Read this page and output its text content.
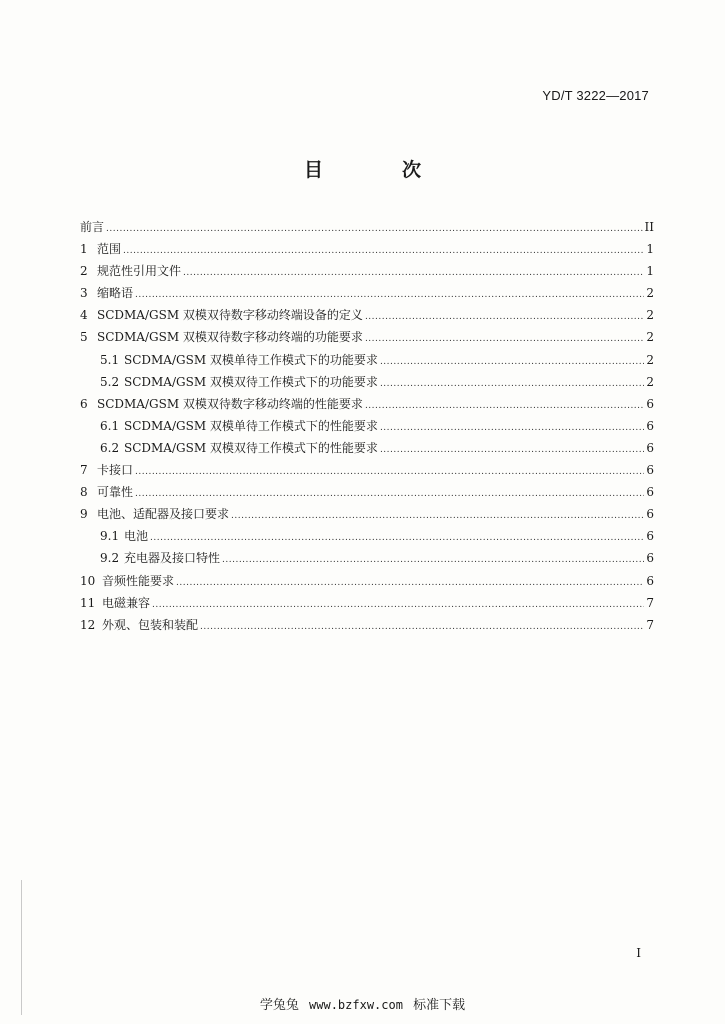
YD/T 3222—2017
目　次
前言 .....	II
1 范围 .....	1
2 规范性引用文件 .....	1
3 缩略语 .....	2
4 SCDMA/GSM 双模双待数字移动终端设备的定义 .....	2
5 SCDMA/GSM 双模双待数字移动终端的功能要求 .....	2
5.1 SCDMA/GSM 双模单待工作模式下的功能要求 .....	2
5.2 SCDMA/GSM 双模双待工作模式下的功能要求 .....	2
6 SCDMA/GSM 双模双待数字移动终端的性能要求 .....	6
6.1 SCDMA/GSM 双模单待工作模式下的性能要求 .....	6
6.2 SCDMA/GSM 双模双待工作模式下的性能要求 .....	6
7 卡接口 .....	6
8 可靠性 .....	6
9 电池、适配器及接口要求 .....	6
9.1 电池 .....	6
9.2 充电器及接口特性 .....	6
10 音频性能要求 .....	6
11 电磁兼容 .....	7
12 外观、包装和装配 .....	7
I
学兔兔 www.bzfxw.com 标准下载
